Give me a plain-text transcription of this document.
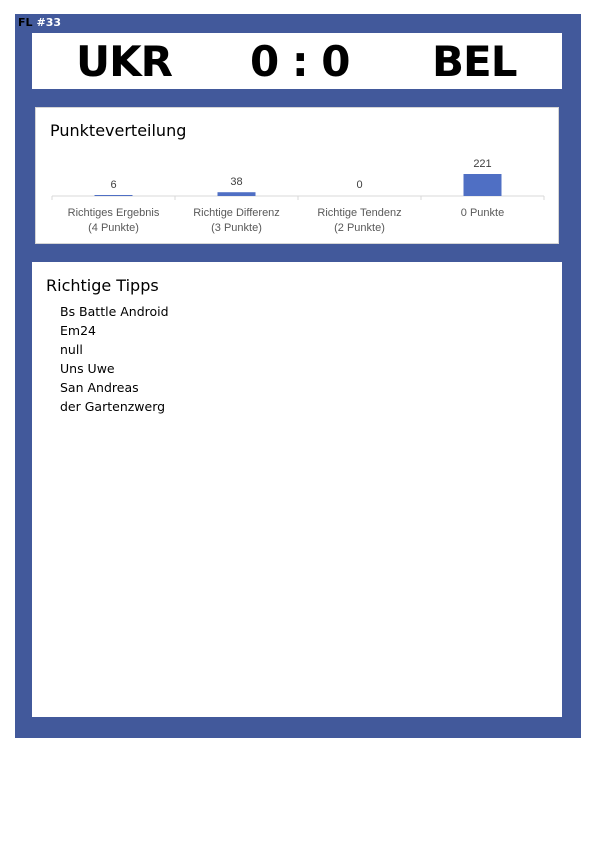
FL #33
UKR 0 : 0 BEL
Punkteverteilung
6
Richtiges Ergebnis
(4 Punkte)
38
Richtige Differenz
(3 Punkte)
0
Richtige Tendenz
(2 Punkte)
221
0 Punkte
Richtige Tipps
Bs Battle Android
Em24
null
Uns Uwe
San Andreas
der Gartenzwerg
